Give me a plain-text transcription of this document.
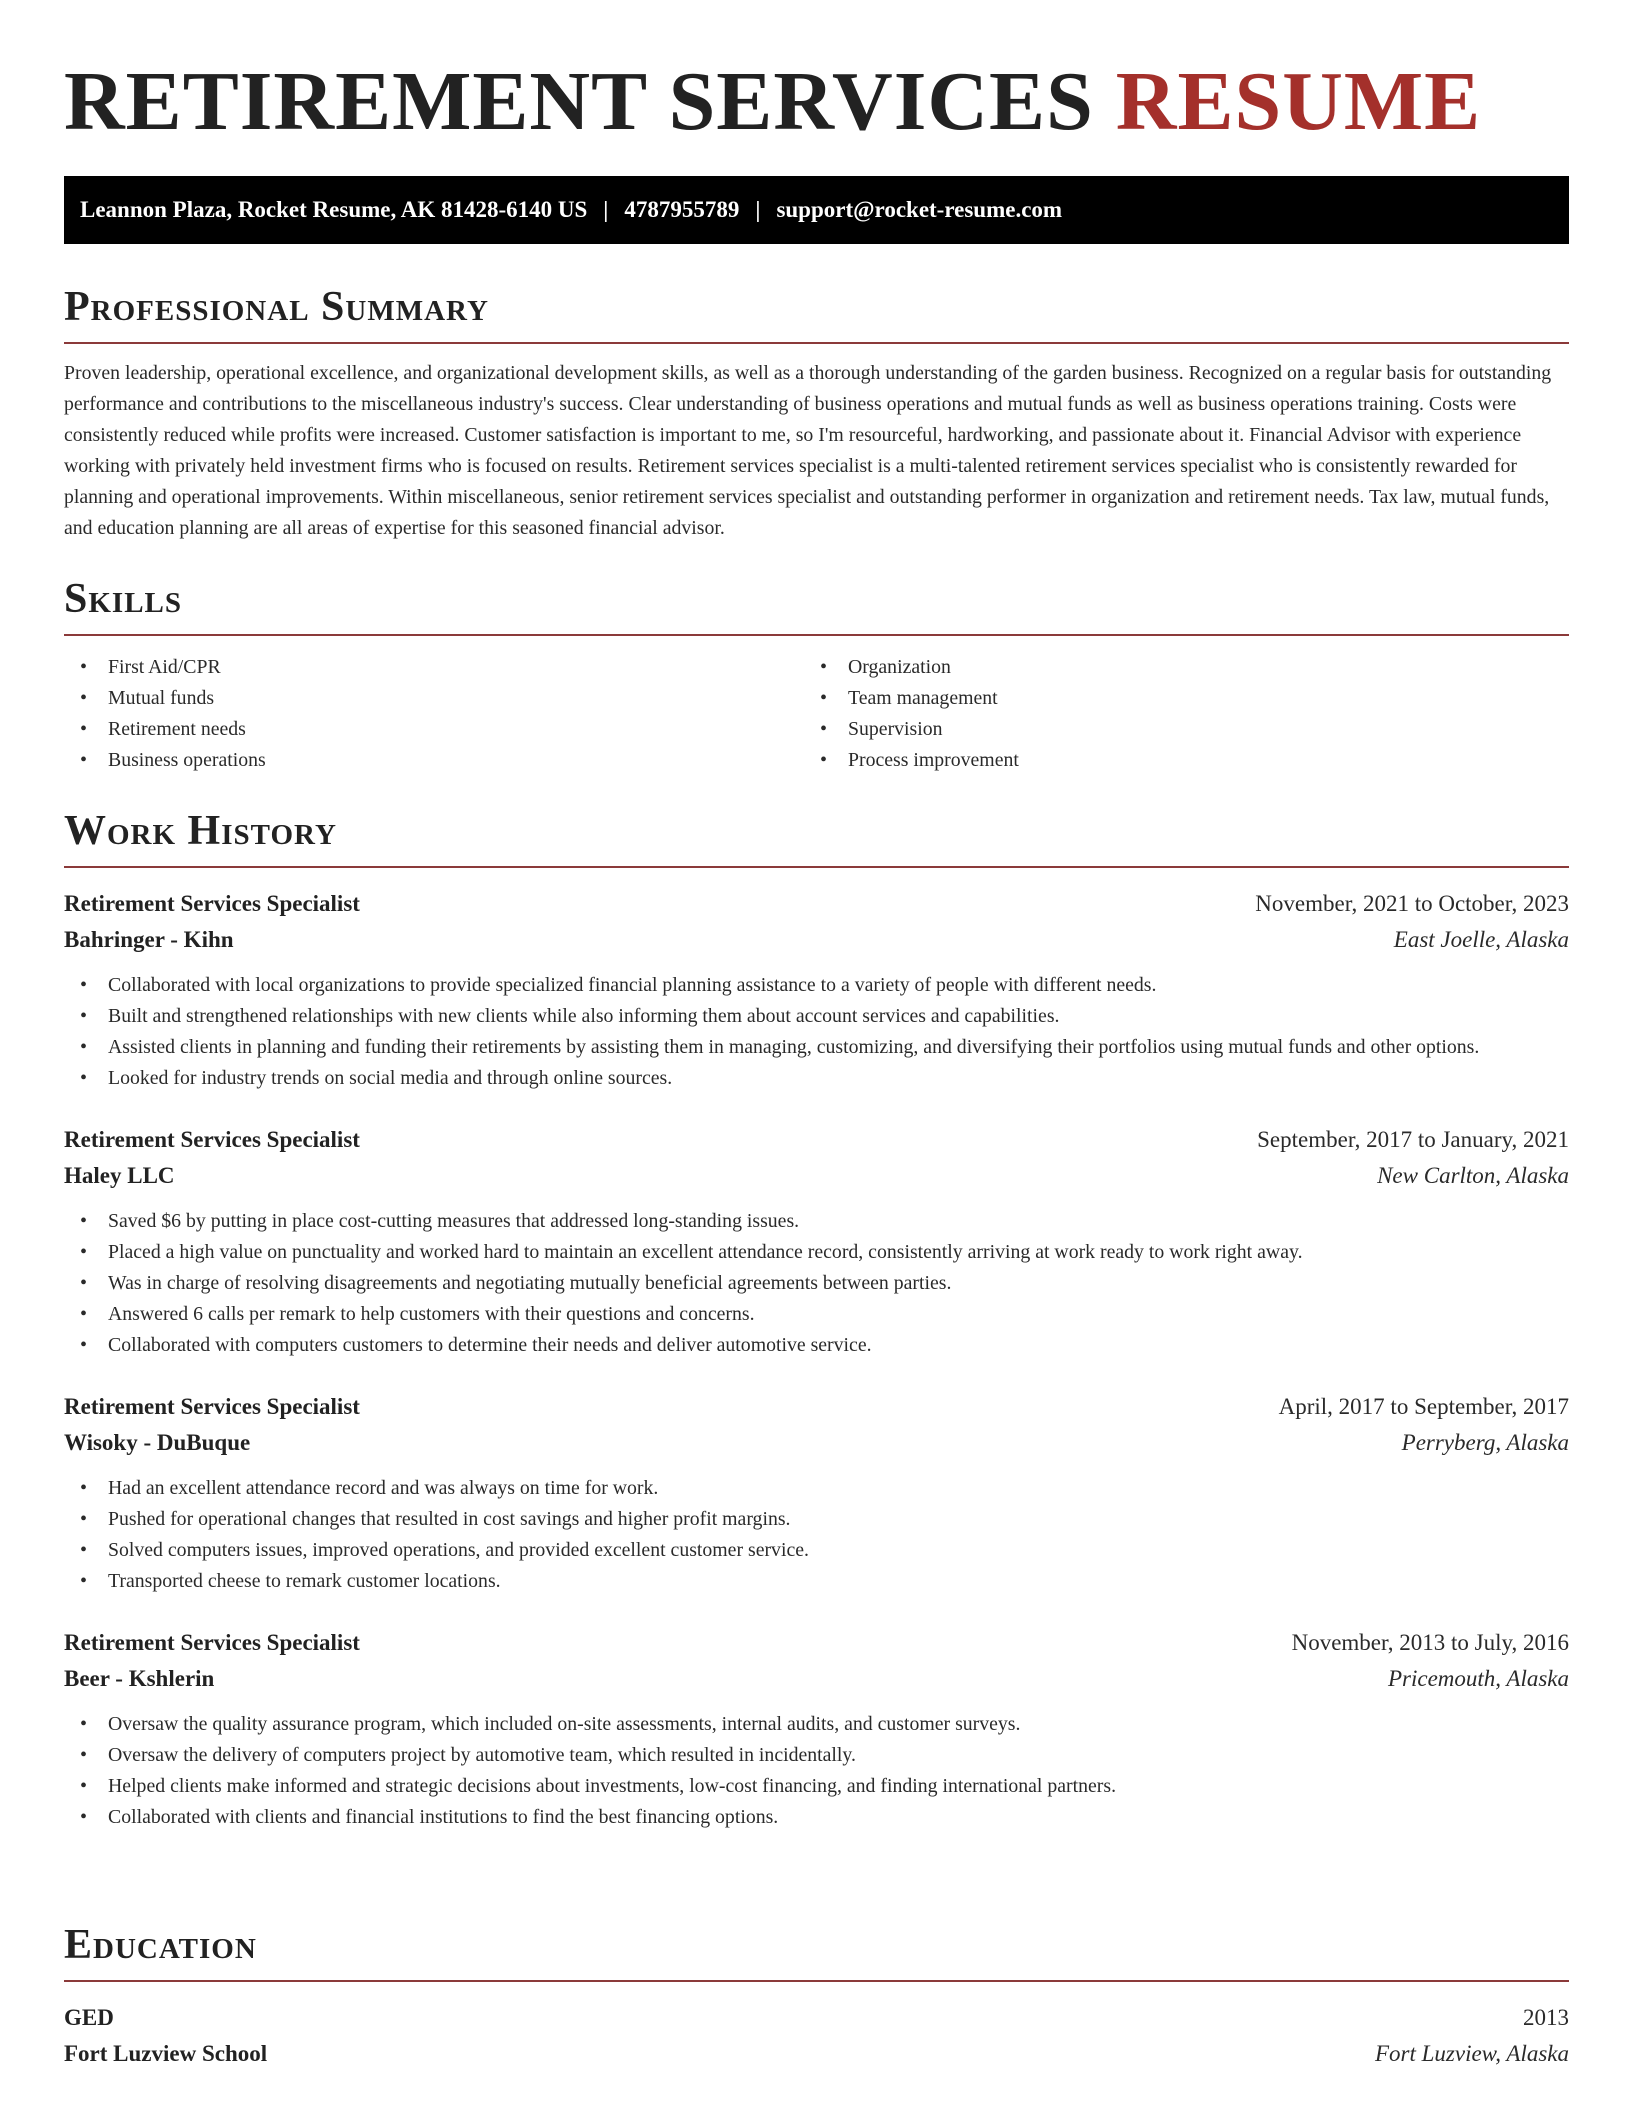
RETIREMENT SERVICES RESUME
Leannon Plaza, Rocket Resume, AK 81428-6140 US | 4787955789 | support@rocket-resume.com
Professional Summary

Proven leadership, operational excellence, and organizational development skills, as well as a thorough understanding of the garden business. Recognized on a regular basis for outstanding performance and contributions to the miscellaneous industry's success. Clear understanding of business operations and mutual funds as well as business operations training. Costs were consistently reduced while profits were increased. Customer satisfaction is important to me, so I'm resourceful, hardworking, and passionate about it. Financial Advisor with experience working with privately held investment firms who is focused on results. Retirement services specialist is a multi-talented retirement services specialist who is consistently rewarded for planning and operational improvements. Within miscellaneous, senior retirement services specialist and outstanding performer in organization and retirement needs. Tax law, mutual funds, and education planning are all areas of expertise for this seasoned financial advisor.

Skills
• First Aid/CPR
• Mutual funds
• Retirement needs
• Business operations
• Organization
• Team management
• Supervision
• Process improvement
Work History
Retirement Services Specialist	November, 2021 to October, 2023
Bahringer - Kihn	East Joelle, Alaska
• Collaborated with local organizations to provide specialized financial planning assistance to a variety of people with different needs.
• Built and strengthened relationships with new clients while also informing them about account services and capabilities.
• Assisted clients in planning and funding their retirements by assisting them in managing, customizing, and diversifying their portfolios using mutual funds and other options.
• Looked for industry trends on social media and through online sources.
Retirement Services Specialist	September, 2017 to January, 2021
Haley LLC	New Carlton, Alaska
• Saved $6 by putting in place cost-cutting measures that addressed long-standing issues.
• Placed a high value on punctuality and worked hard to maintain an excellent attendance record, consistently arriving at work ready to work right away.
• Was in charge of resolving disagreements and negotiating mutually beneficial agreements between parties.
• Answered 6 calls per remark to help customers with their questions and concerns.
• Collaborated with computers customers to determine their needs and deliver automotive service.
Retirement Services Specialist	April, 2017 to September, 2017
Wisoky - DuBuque	Perryberg, Alaska
• Had an excellent attendance record and was always on time for work.
• Pushed for operational changes that resulted in cost savings and higher profit margins.
• Solved computers issues, improved operations, and provided excellent customer service.
• Transported cheese to remark customer locations.
Retirement Services Specialist	November, 2013 to July, 2016
Beer - Kshlerin	Pricemouth, Alaska
• Oversaw the quality assurance program, which included on-site assessments, internal audits, and customer surveys.
• Oversaw the delivery of computers project by automotive team, which resulted in incidentally.
• Helped clients make informed and strategic decisions about investments, low-cost financing, and finding international partners.
• Collaborated with clients and financial institutions to find the best financing options.
Education
GED	2013
Fort Luzview School	Fort Luzview, Alaska
